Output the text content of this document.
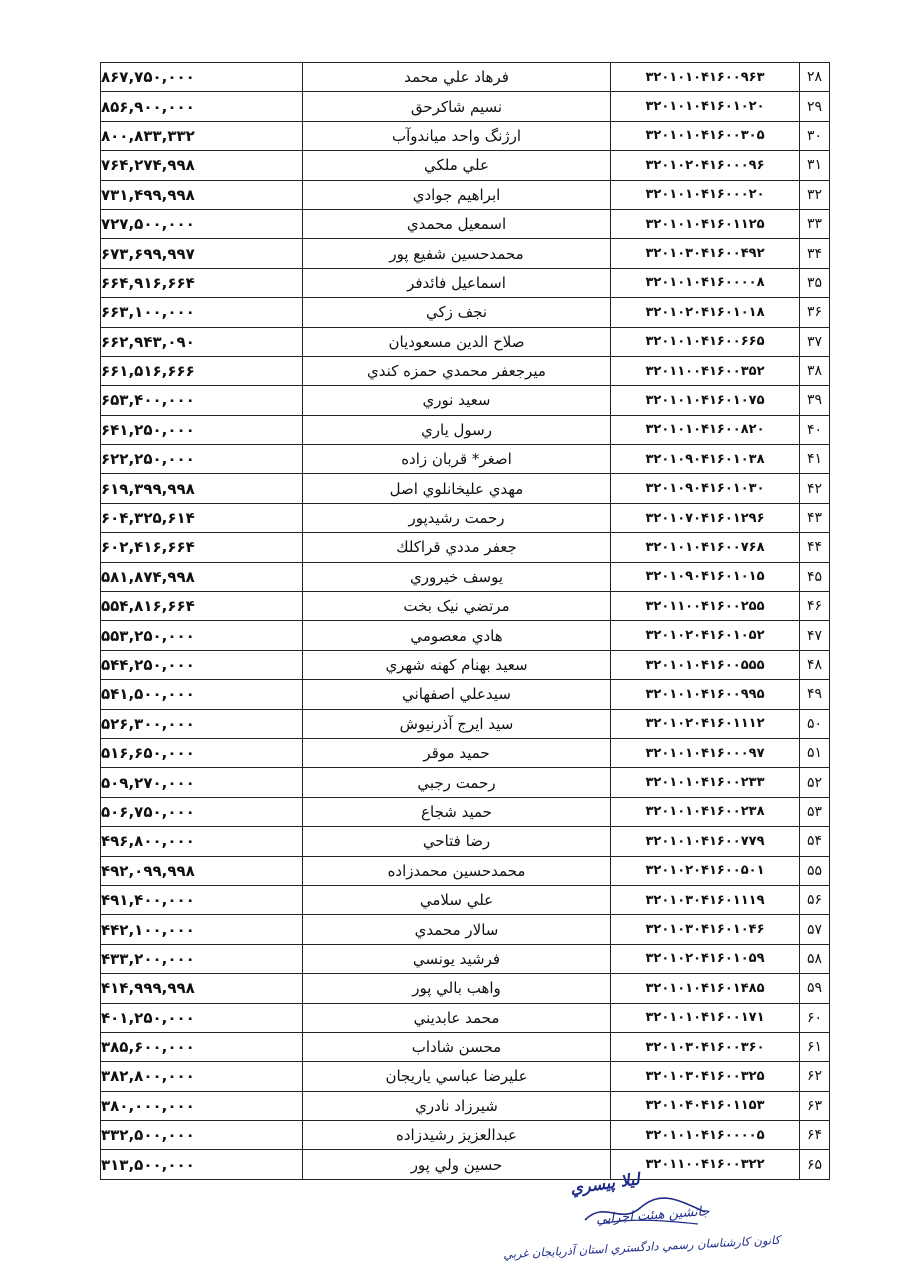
۸۶۷,۷۵۰,۰۰۰	فرهاد علي محمد	۳۲۰۱۰۱۰۴۱۶۰۰۹۶۳	۲۸
۸۵۶,۹۰۰,۰۰۰	نسيم شاكرحق	۳۲۰۱۰۱۰۴۱۶۰۱۰۲۰	۲۹
۸۰۰,۸۳۳,۳۳۲	ارژنگ واحد مياندوآب	۳۲۰۱۰۱۰۴۱۶۰۰۳۰۵	۳۰
۷۶۴,۲۷۴,۹۹۸	علي ملكي	۳۲۰۱۰۲۰۴۱۶۰۰۰۹۶	۳۱
۷۳۱,۴۹۹,۹۹۸	ابراهيم جوادي	۳۲۰۱۰۱۰۴۱۶۰۰۰۲۰	۳۲
۷۲۷,۵۰۰,۰۰۰	اسمعيل محمدي	۳۲۰۱۰۱۰۴۱۶۰۱۱۲۵	۳۳
۶۷۳,۶۹۹,۹۹۷	محمدحسين شفيع پور	۳۲۰۱۰۳۰۴۱۶۰۰۴۹۲	۳۴
۶۶۴,۹۱۶,۶۶۴	اسماعيل فائدفر	۳۲۰۱۰۱۰۴۱۶۰۰۰۰۸	۳۵
۶۶۳,۱۰۰,۰۰۰	نجف زكي	۳۲۰۱۰۲۰۴۱۶۰۱۰۱۸	۳۶
۶۶۲,۹۴۳,۰۹۰	صلاح الدين مسعوديان	۳۲۰۱۰۱۰۴۱۶۰۰۶۶۵	۳۷
۶۶۱,۵۱۶,۶۶۶	ميرجعفر محمدي حمزه كندي	۳۲۰۱۱۰۰۴۱۶۰۰۳۵۲	۳۸
۶۵۳,۴۰۰,۰۰۰	سعيد نوري	۳۲۰۱۰۱۰۴۱۶۰۱۰۷۵	۳۹
۶۴۱,۲۵۰,۰۰۰	رسول ياري	۳۲۰۱۰۱۰۴۱۶۰۰۸۲۰	۴۰
۶۲۲,۲۵۰,۰۰۰	اصغر* قربان زاده	۳۲۰۱۰۹۰۴۱۶۰۱۰۳۸	۴۱
۶۱۹,۳۹۹,۹۹۸	مهدي عليخانلوي اصل	۳۲۰۱۰۹۰۴۱۶۰۱۰۳۰	۴۲
۶۰۴,۳۲۵,۶۱۴	رحمت رشيدپور	۳۲۰۱۰۷۰۴۱۶۰۱۲۹۶	۴۳
۶۰۲,۴۱۶,۶۶۴	جعفر مددي قراكلك	۳۲۰۱۰۱۰۴۱۶۰۰۷۶۸	۴۴
۵۸۱,۸۷۴,۹۹۸	يوسف خيروري	۳۲۰۱۰۹۰۴۱۶۰۱۰۱۵	۴۵
۵۵۴,۸۱۶,۶۶۴	مرتضي نيک بخت	۳۲۰۱۱۰۰۴۱۶۰۰۲۵۵	۴۶
۵۵۳,۲۵۰,۰۰۰	هادي معصومي	۳۲۰۱۰۲۰۴۱۶۰۱۰۵۲	۴۷
۵۴۴,۲۵۰,۰۰۰	سعيد بهنام كهنه شهري	۳۲۰۱۰۱۰۴۱۶۰۰۵۵۵	۴۸
۵۴۱,۵۰۰,۰۰۰	سيدعلي اصفهاني	۳۲۰۱۰۱۰۴۱۶۰۰۹۹۵	۴۹
۵۲۶,۳۰۰,۰۰۰	سيد ايرج آذرنيوش	۳۲۰۱۰۲۰۴۱۶۰۱۱۱۲	۵۰
۵۱۶,۶۵۰,۰۰۰	حميد موقر	۳۲۰۱۰۱۰۴۱۶۰۰۰۹۷	۵۱
۵۰۹,۲۷۰,۰۰۰	رحمت رجبي	۳۲۰۱۰۱۰۴۱۶۰۰۲۳۳	۵۲
۵۰۶,۷۵۰,۰۰۰	حميد شجاع	۳۲۰۱۰۱۰۴۱۶۰۰۲۳۸	۵۳
۴۹۶,۸۰۰,۰۰۰	رضا فتاحي	۳۲۰۱۰۱۰۴۱۶۰۰۷۷۹	۵۴
۴۹۲,۰۹۹,۹۹۸	محمدحسين محمدزاده	۳۲۰۱۰۲۰۴۱۶۰۰۵۰۱	۵۵
۴۹۱,۴۰۰,۰۰۰	علي سلامي	۳۲۰۱۰۳۰۴۱۶۰۱۱۱۹	۵۶
۴۴۲,۱۰۰,۰۰۰	سالار محمدي	۳۲۰۱۰۳۰۴۱۶۰۱۰۴۶	۵۷
۴۳۳,۲۰۰,۰۰۰	فرشيد يونسي	۳۲۰۱۰۲۰۴۱۶۰۱۰۵۹	۵۸
۴۱۴,۹۹۹,۹۹۸	واهب بالي پور	۳۲۰۱۰۱۰۴۱۶۰۱۴۸۵	۵۹
۴۰۱,۲۵۰,۰۰۰	محمد عابديني	۳۲۰۱۰۱۰۴۱۶۰۰۱۷۱	۶۰
۳۸۵,۶۰۰,۰۰۰	محسن شاداب	۳۲۰۱۰۳۰۴۱۶۰۰۳۶۰	۶۱
۳۸۲,۸۰۰,۰۰۰	عليرضا عباسي ياريجان	۳۲۰۱۰۳۰۴۱۶۰۰۳۲۵	۶۲
۳۸۰,۰۰۰,۰۰۰	شيرزاد نادري	۳۲۰۱۰۴۰۴۱۶۰۱۱۵۳	۶۳
۳۳۲,۵۰۰,۰۰۰	عبدالعزيز رشيدزاده	۳۲۰۱۰۱۰۴۱۶۰۰۰۰۵	۶۴
۳۱۳,۵۰۰,۰۰۰	حسين ولي پور	۳۲۰۱۱۰۰۴۱۶۰۰۳۲۲	۶۵
ليلا پيسري
جانشين هيئت اجرايي
كانون كارشناسان رسمي دادگستري استان آذربايجان غربي
